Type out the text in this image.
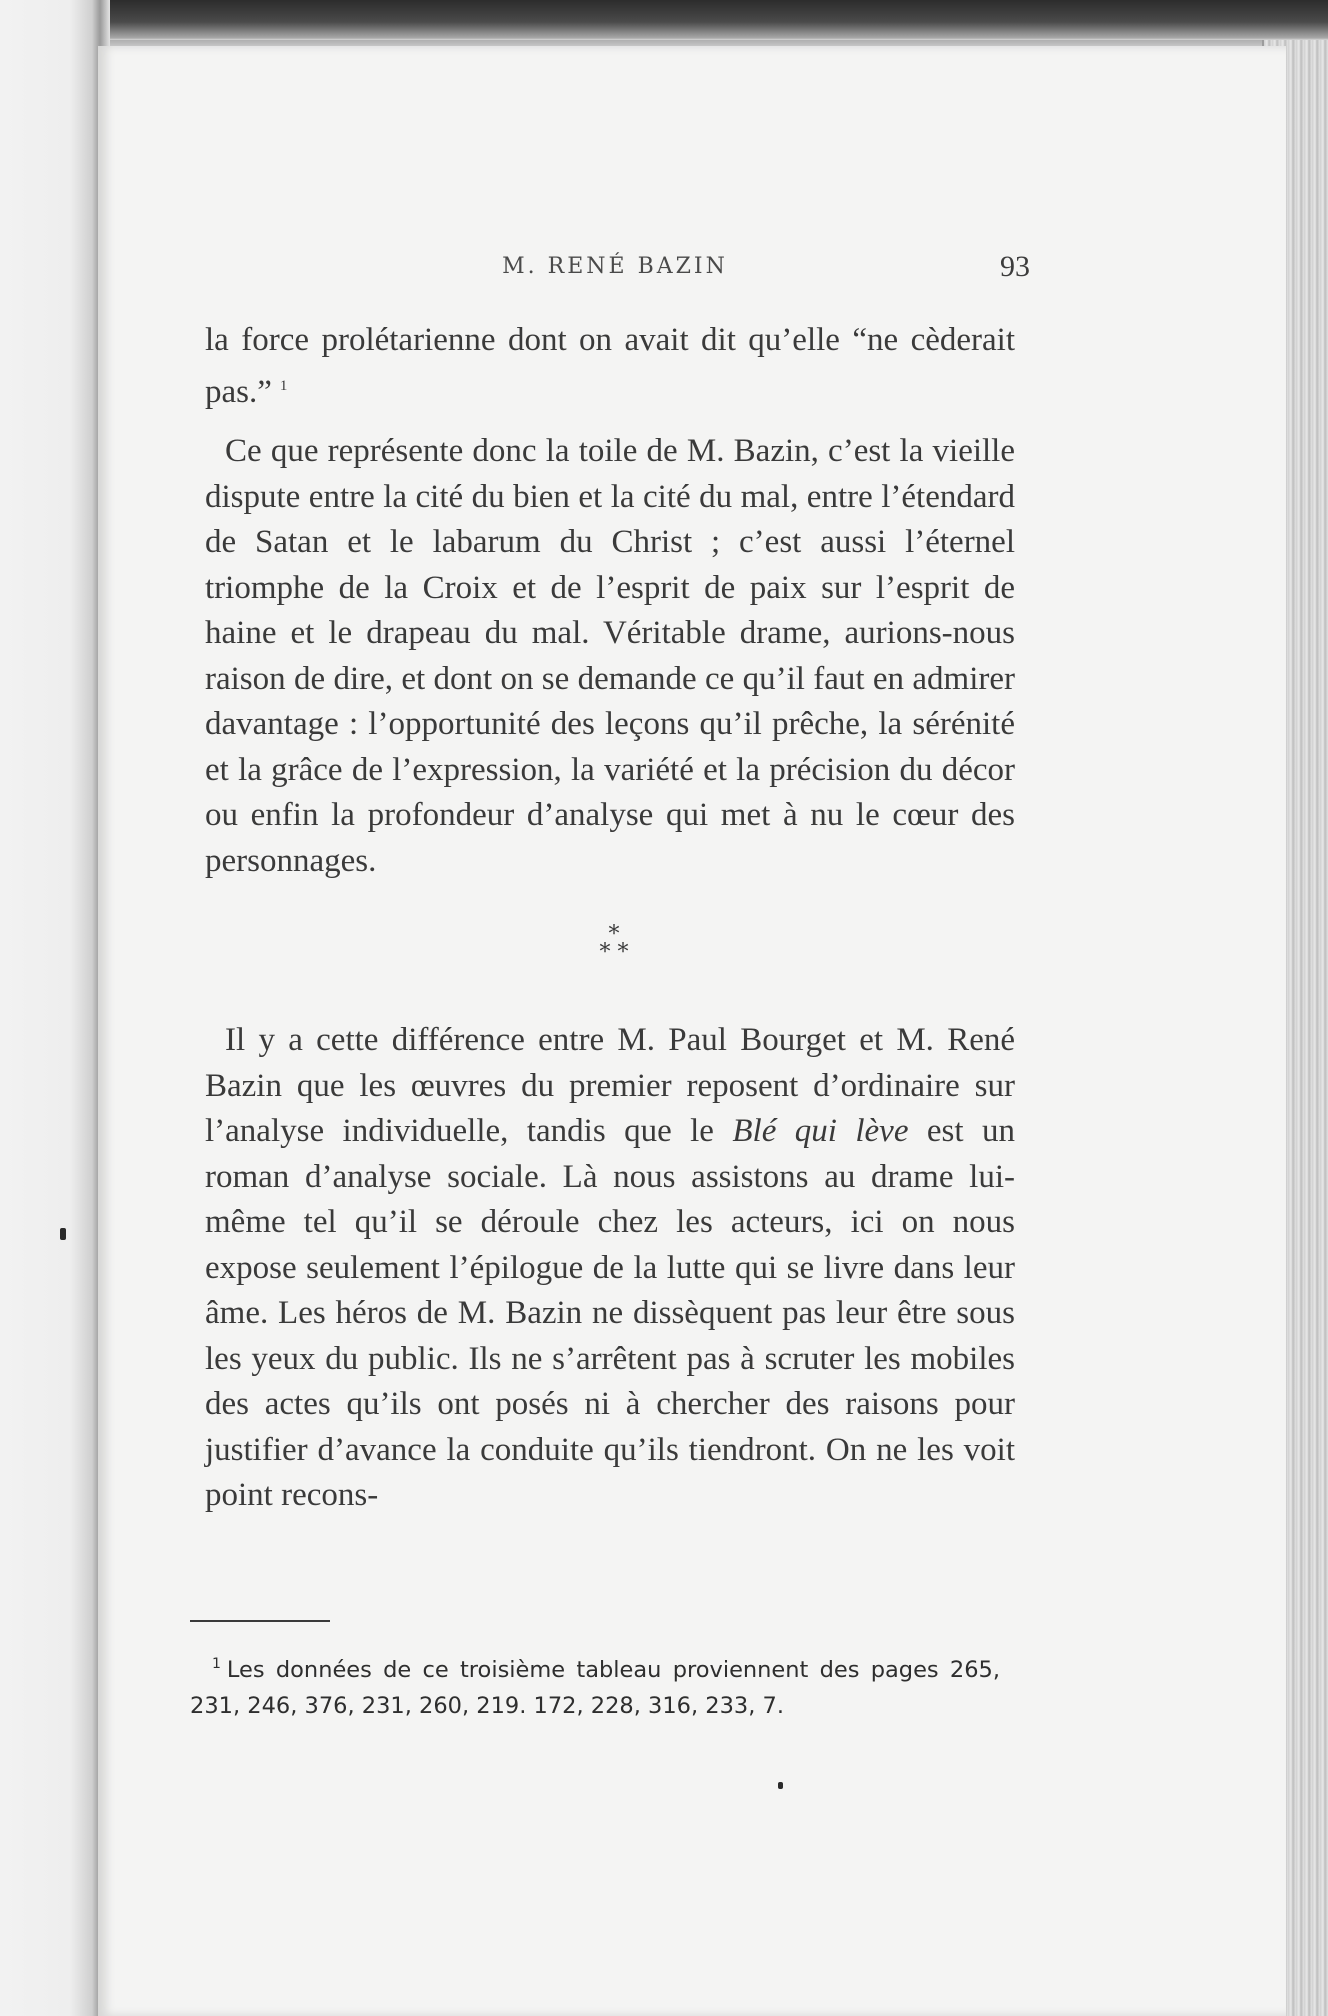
M. RENÉ BAZIN	93

la force prolétarienne dont on avait dit qu’elle “ne cèderait pas.” $^1$

Ce que représente donc la toile de M. Bazin, c’est la vieille dispute entre la cité du bien et la cité du mal, entre l’étendard de Satan et le labarum du Christ ; c’est aussi l’éternel triomphe de la Croix et de l’esprit de paix sur l’esprit de haine et le drapeau du mal. Véritable drame, aurions-nous raison de dire, et dont on se demande ce qu’il faut en admirer davantage : l’opportunité des leçons qu’il prêche, la sérénité et la grâce de l’expression, la variété et la précision du décor ou enfin la profondeur d’analyse qui met à nu le cœur des personnages.

*
* *

Il y a cette différence entre M. Paul Bourget et M. René Bazin que les œuvres du premier reposent d’ordinaire sur l’analyse individuelle, tandis que le Blé qui lève est un roman d’analyse sociale. Là nous assistons au drame lui-même tel qu’il se déroule chez les acteurs, ici on nous expose seulement l’épilogue de la lutte qui se livre dans leur âme. Les héros de M. Bazin ne dissèquent pas leur être sous les yeux du public. Ils ne s’arrêtent pas à scruter les mobiles des actes qu’ils ont posés ni à chercher des raisons pour justifier d’avance la conduite qu’ils tiendront. On ne les voit point recons-

$^1$ Les données de ce troisième tableau proviennent des pages 265, 231, 246, 376, 231, 260, 219. 172, 228, 316, 233, 7.
